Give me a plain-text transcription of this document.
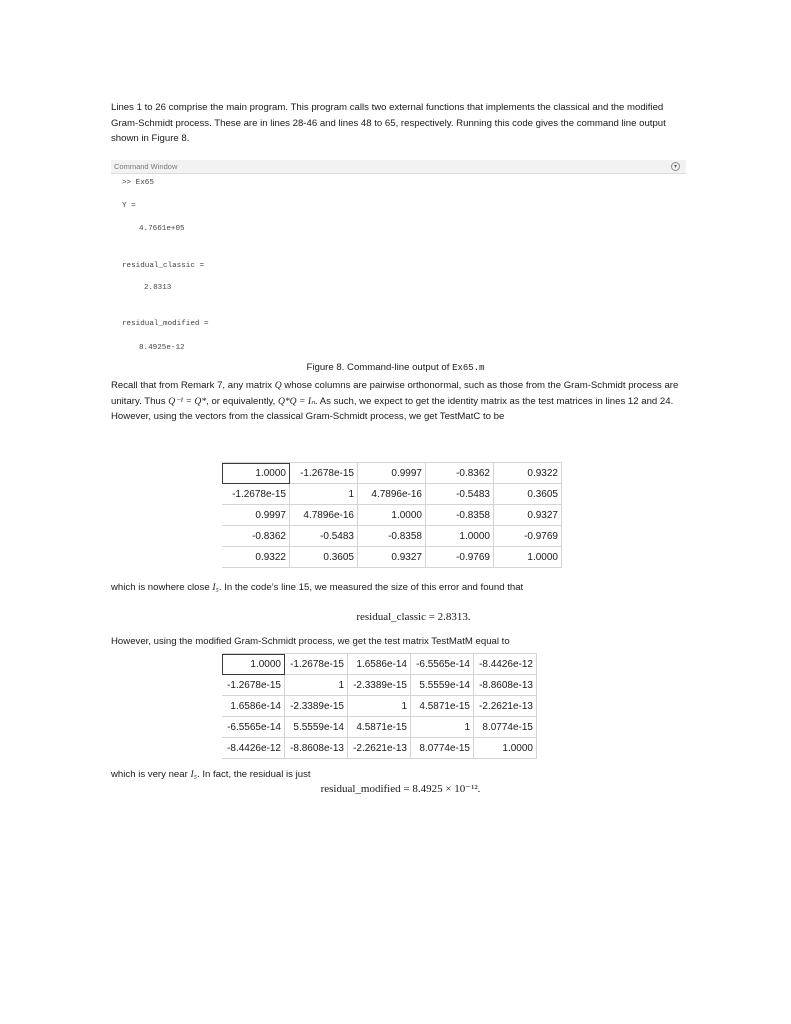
Lines 1 to 26 comprise the main program. This program calls two external functions that implements the classical and the modified Gram-Schmidt process. These are in lines 28-46 and lines 48 to 65, respectively. Running this code gives the command line output shown in Figure 8.

Command Window	▾
>> Ex65
Y =
4.7661e+05
residual_classic =
2.8313
residual_modified =
8.4925e-12
Figure 8. Command-line output of Ex65.m

Recall that from Remark 7, any matrix Q whose columns are pairwise orthonormal, such as those from the Gram-Schmidt process are unitary. Thus Q⁻¹ = Q*, or equivalently, Q*Q = Iₙ. As such, we expect to get the identity matrix as the test matrices in lines 12 and 24. However, using the vectors from the classical Gram-Schmidt process, we get TestMatC to be

1.0000	-1.2678e-15	0.9997	-0.8362	0.9322
-1.2678e-15	1	4.7896e-16	-0.5483	0.3605
0.9997	4.7896e-16	1.0000	-0.8358	0.9327
-0.8362	-0.5483	-0.8358	1.0000	-0.9769
0.9322	0.3605	0.9327	-0.9769	1.0000

which is nowhere close I₅. In the code’s line 15, we measured the size of this error and found that

residual_classic = 2.8313.

However, using the modified Gram-Schmidt process, we get the test matrix TestMatM equal to

1.0000	-1.2678e-15	1.6586e-14	-6.5565e-14	-8.4426e-12
-1.2678e-15	1	-2.3389e-15	5.5559e-14	-8.8608e-13
1.6586e-14	-2.3389e-15	1	4.5871e-15	-2.2621e-13
-6.5565e-14	5.5559e-14	4.5871e-15	1	8.0774e-15
-8.4426e-12	-8.8608e-13	-2.2621e-13	8.0774e-15	1.0000

which is very near I₅. In fact, the residual is just

residual_modified = 8.4925 × 10⁻¹².
